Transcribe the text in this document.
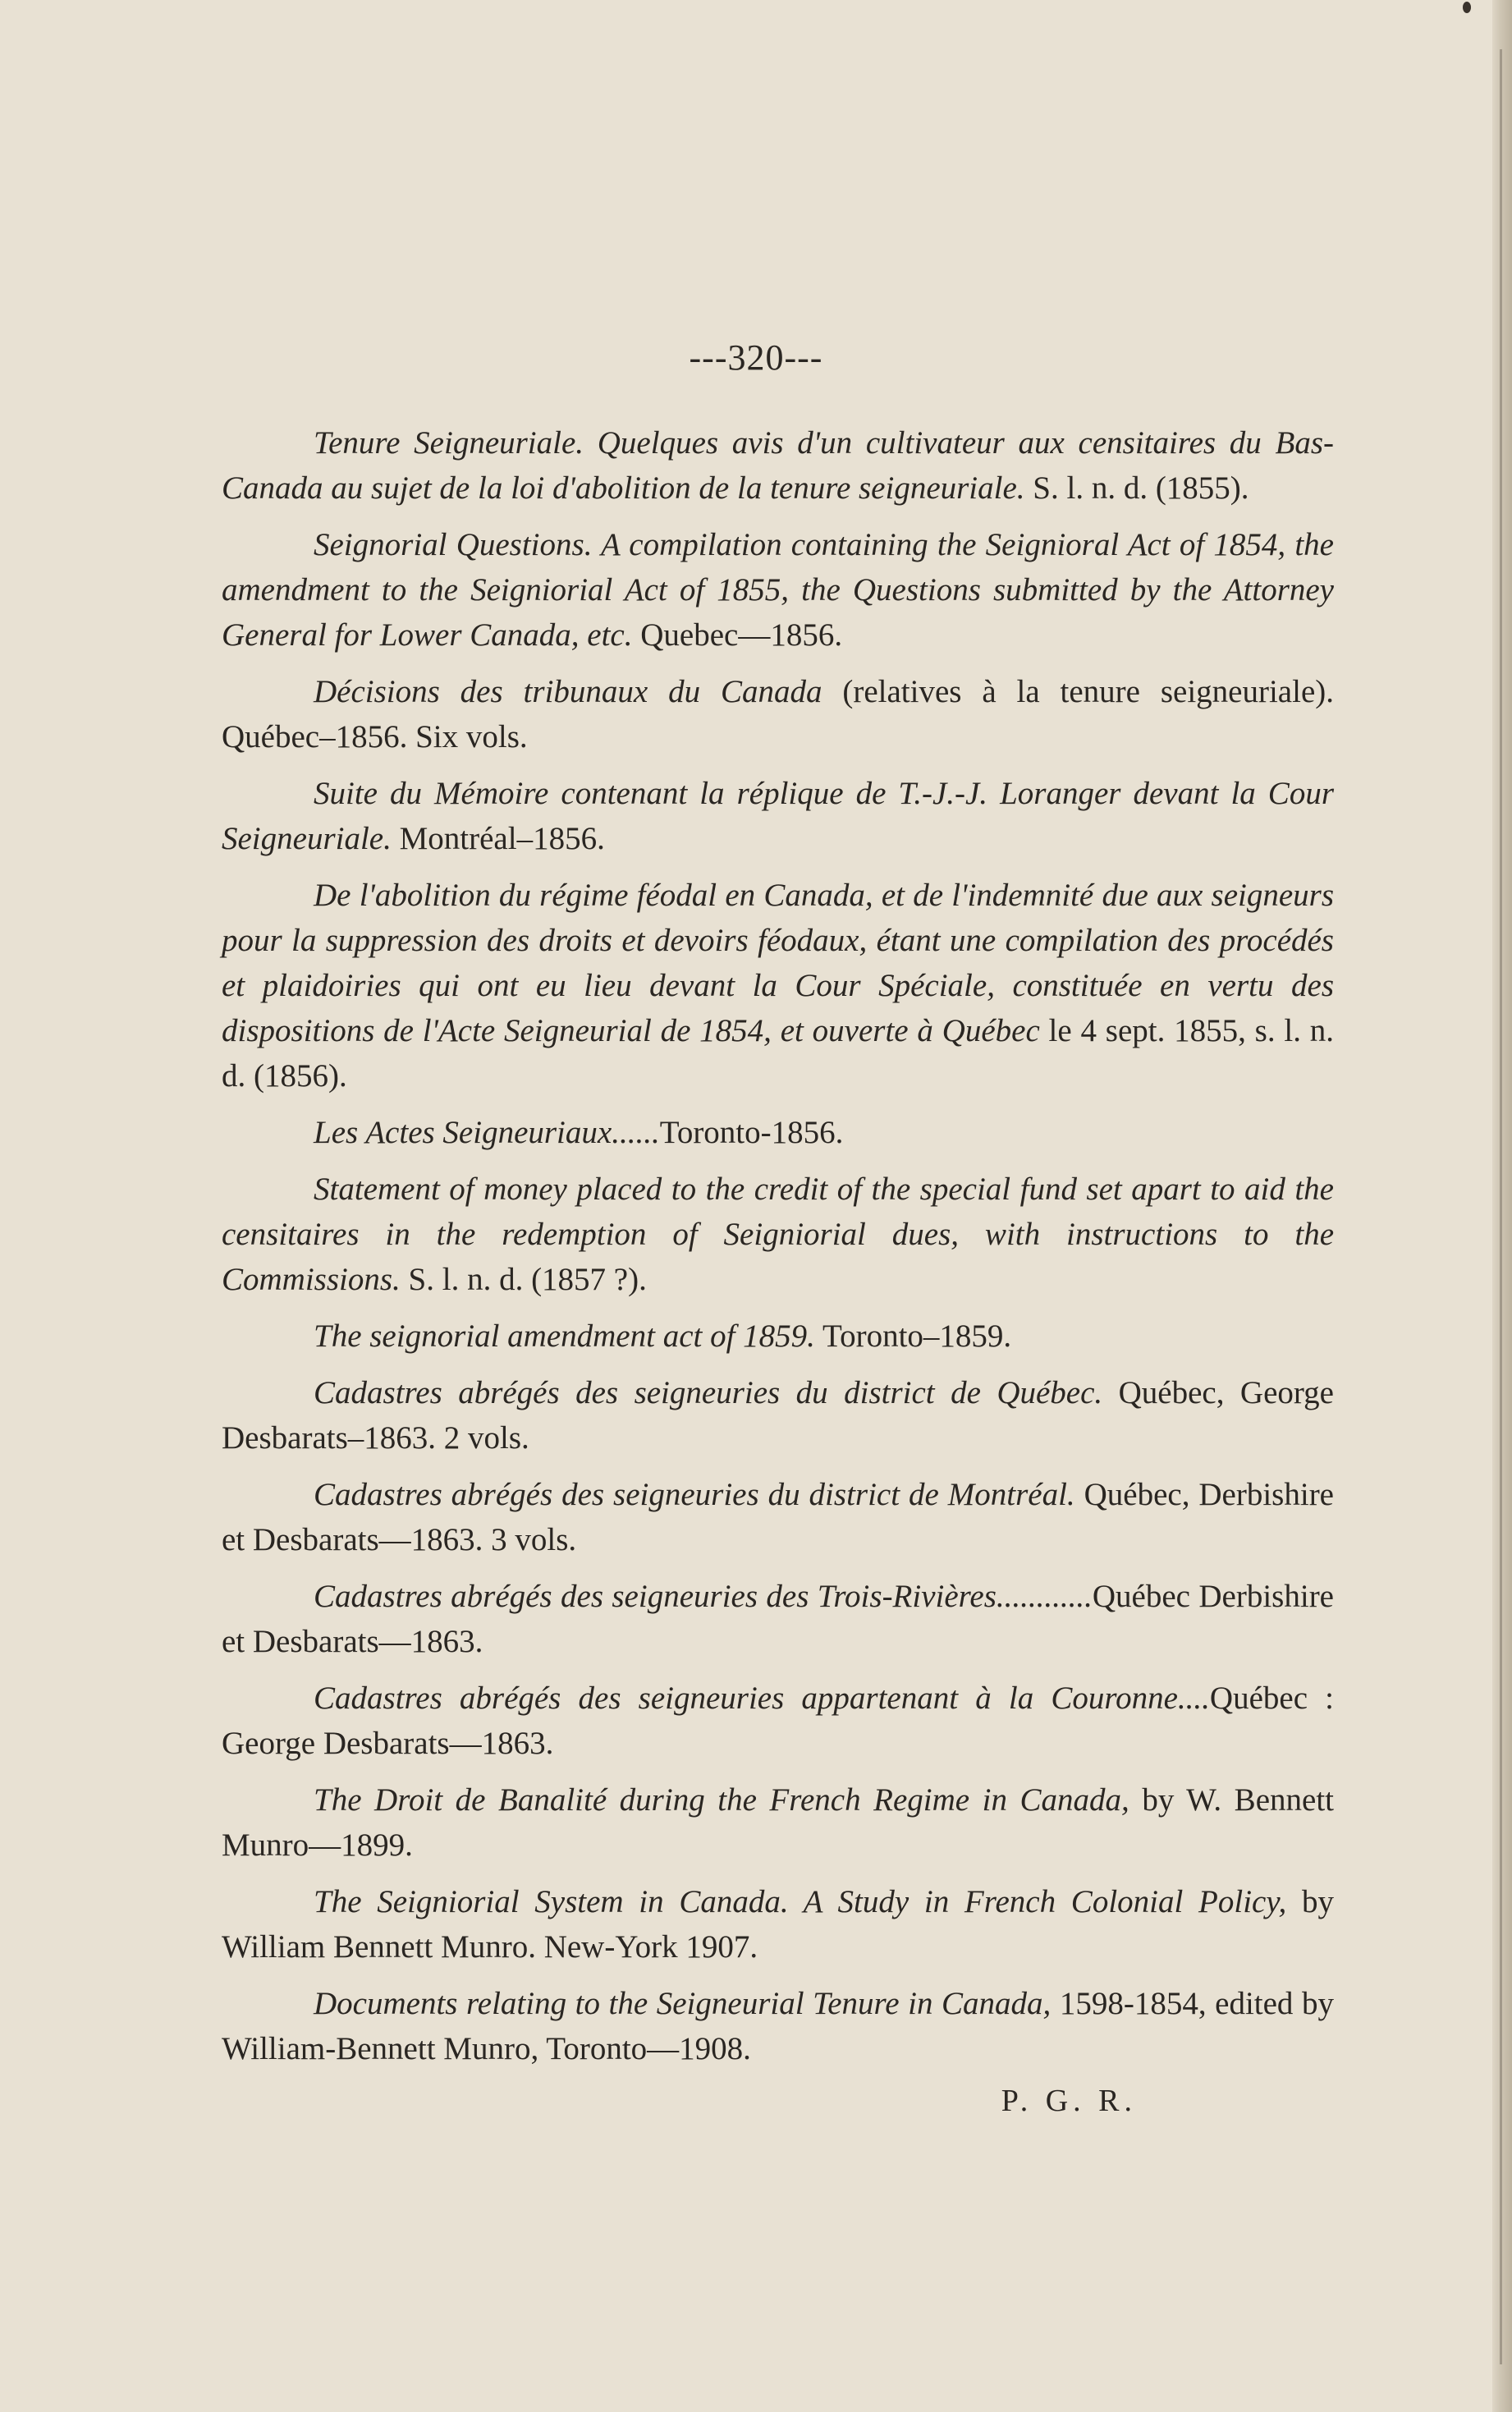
---320---

Tenure Seigneuriale. Quelques avis d'un cultivateur aux censitaires du Bas-Canada au sujet de la loi d'abolition de la tenure seigneuriale. S. l. n. d. (1855).

Seignorial Questions. A compilation containing the Seignioral Act of 1854, the amendment to the Seigniorial Act of 1855, the Questions submitted by the Attorney General for Lower Canada, etc. Quebec—1856.

Décisions des tribunaux du Canada (relatives à la tenure seigneuriale). Québec–1856. Six vols.

Suite du Mémoire contenant la réplique de T.-J.-J. Loranger devant la Cour Seigneuriale. Montréal–1856.

De l'abolition du régime féodal en Canada, et de l'indemnité due aux seigneurs pour la suppression des droits et devoirs féodaux, étant une compilation des procédés et plaidoiries qui ont eu lieu devant la Cour Spéciale, constituée en vertu des dispositions de l'Acte Seigneurial de 1854, et ouverte à Québec le 4 sept. 1855, s. l. n. d. (1856).

Les Actes Seigneuriaux......Toronto-1856.

Statement of money placed to the credit of the special fund set apart to aid the censitaires in the redemption of Seigniorial dues, with instructions to the Commissions. S. l. n. d. (1857 ?).

The seignorial amendment act of 1859. Toronto–1859.

Cadastres abrégés des seigneuries du district de Québec. Québec, George Desbarats–1863. 2 vols.

Cadastres abrégés des seigneuries du district de Montréal. Québec, Derbishire et Desbarats—1863. 3 vols.

Cadastres abrégés des seigneuries des Trois-Rivières............Québec Derbishire et Desbarats—1863.

Cadastres abrégés des seigneuries appartenant à la Couronne....Québec : George Desbarats—1863.

The Droit de Banalité during the French Regime in Canada, by W. Bennett Munro—1899.

The Seigniorial System in Canada. A Study in French Colonial Policy, by William Bennett Munro. New-York 1907.

Documents relating to the Seigneurial Tenure in Canada, 1598-1854, edited by William-Bennett Munro, Toronto—1908.

P. G. R.
